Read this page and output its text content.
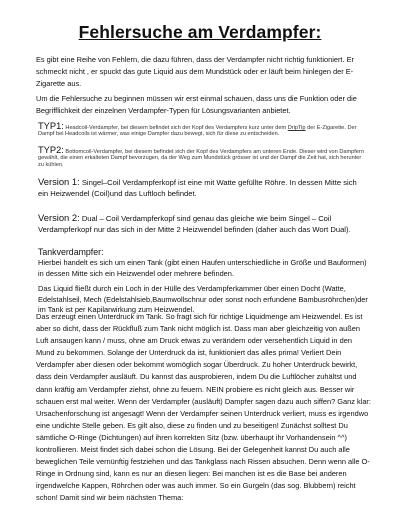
Fehlersuche am Verdampfer:

Es gibt eine Reihe von Fehlern, die dazu führen, dass der Verdampfer nicht richtig funktioniert. Er schmeckt nicht , er spuckt das gute Liquid aus dem Mundstück oder er läuft beim hinlegen der E-Zigarette aus.

Um die Fehlersuche zu beginnen müssen wir erst einmal schauen, dass uns die Funktion oder die Begrifflichkeit der einzelnen Verdampfer-Typen für Lösungsvarianten anbietet.

TYP1: Headcoil-Verdampfer, bei diesem befindet sich der Kopf des Verdampfers kurz unter dem DripTip der E-Zigarette. Der Dampf bei Headcoils ist wärmer, was einige Dampfer dazu bewegt, sich für diese zu entscheiden.
TYP2: Bottomcoil-Verdampfer, bei diesem befindet sich der Kopf des Verdampfers am unteren Ende. Dieser wird von Dampfern gewählt, die einen erkalteten Dampf bevorzugen, da der Weg zum Mundstück grösser ist und der Dampf die Zeit hat, sich herunter zu kühlen.
Version 1: Singel–Coil Verdampferkopf ist eine mit Watte gefüllte Röhre. In dessen Mitte sich ein Heizwendel (Coil)und das Luftloch befindet.
Version 2: Dual – Coil Verdampferkopf sind genau das gleiche wie beim Singel – Coil Verdampferkopf nur das sich in der Mitte 2 Heizwendel befinden (daher auch das Wort Dual).
Tankverdampfer:
Hierbei handelt es sich um einen Tank (gibt einen Haufen unterschiedliche in Größe und Bauformen) in dessen Mitte sich ein Heizwendel oder mehrere befinden.
Das Liquid fließt durch ein Loch in der Hülle des Verdampferkammer über einen Docht (Watte, Edelstahlseil, Mech (Edelstahlsieb,Baumwollschnur oder sonst noch erfundene Bambusröhrchen)der im Tank ist per Kapilarwirkung zum Heizwendel.

Das erzeugt einen Unterdruck im Tank. So fragt sich für richtige Liquidmenge am Heizwendel. Es ist aber so dicht, dass der Rückfluß zum Tank nicht möglich ist. Dass man aber gleichzeitig von außen Luft ansaugen kann / muss, ohne am Druck etwas zu verändern oder versehentlich Liquid in den Mund zu bekommen. Solange der Unterdruck da ist, funktioniert das alles prima! Verliert Dein Verdampfer aber diesen oder bekommt womöglich sogar Überdruck. Zu hoher Unterdruck bewirkt, dass dein Verdampfer ausläuft. Du kannst das ausprobieren, indem Du die Luftlöcher zuhältst und dann kräftig am Verdampfer ziehst, ohne zu feuern. NEIN probiere es nicht gleich aus. Besser wir schauen erst mal weiter. Wenn der Verdampfer (ausläuft) Dampfer sagen dazu auch siffen? Ganz klar: Ursachenforschung ist angesagt! Wenn der Verdampfer seinen Unterdruck verliert, muss es irgendwo eine undichte Stelle geben. Es gilt also, diese zu finden und zu beseitigen! Zunächst solltest Du sämtliche O-Ringe (Dichtungen) auf ihren korrekten Sitz (bzw. überhaupt ihr Vorhandensein ^^) kontrollieren. Meist findet sich dabei schon die Lösung. Bei der Gelegenheit kannst Du auch alle beweglichen Teile vernünftig festziehen und das Tankglass nach Rissen absuchen. Denn wenn alle O-Ringe in Ordnung sind, kann es nur an diesen liegen: Bei manchen ist es die Base bei anderen irgendwelche Kappen, Röhrchen oder was auch immer. So ein Gurgeln (das sog. Blubbern) reicht schon! Damit sind wir beim nächsten Thema:
